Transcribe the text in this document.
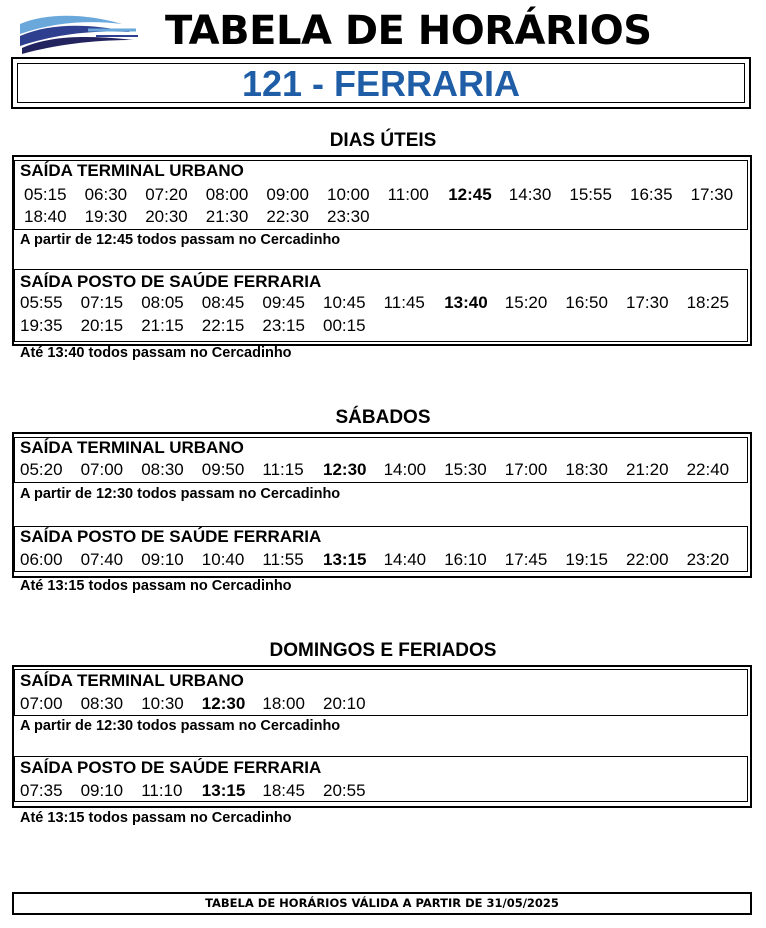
TABELA DE HORÁRIOS
121 - FERRARIA
DIAS ÚTEIS
SÁBADOS
DOMINGOS E FERIADOS
SAÍDA TERMINAL URBANO
05:15 06:30 07:20 08:00 09:00 10:00 11:00 12:45 14:30 15:55 16:35 17:30
18:40 19:30 20:30 21:30 22:30 23:30
A partir de 12:45 todos passam no Cercadinho
SAÍDA POSTO DE SAÚDE FERRARIA
05:55 07:15 08:05 08:45 09:45 10:45 11:45 13:40 15:20 16:50 17:30 18:25
19:35 20:15 21:15 22:15 23:15 00:15
Até 13:40 todos passam no Cercadinho
SAÍDA TERMINAL URBANO
05:20 07:00 08:30 09:50 11:15 12:30 14:00 15:30 17:00 18:30 21:20 22:40
A partir de 12:30 todos passam no Cercadinho
SAÍDA POSTO DE SAÚDE FERRARIA
06:00 07:40 09:10 10:40 11:55 13:15 14:40 16:10 17:45 19:15 22:00 23:20
Até 13:15 todos passam no Cercadinho
SAÍDA TERMINAL URBANO
07:00 08:30 10:30 12:30 18:00 20:10
A partir de 12:30 todos passam no Cercadinho
SAÍDA POSTO DE SAÚDE FERRARIA
07:35 09:10 11:10 13:15 18:45 20:55
Até 13:15 todos passam no Cercadinho
TABELA DE HORÁRIOS VÁLIDA A PARTIR DE 31/05/2025
